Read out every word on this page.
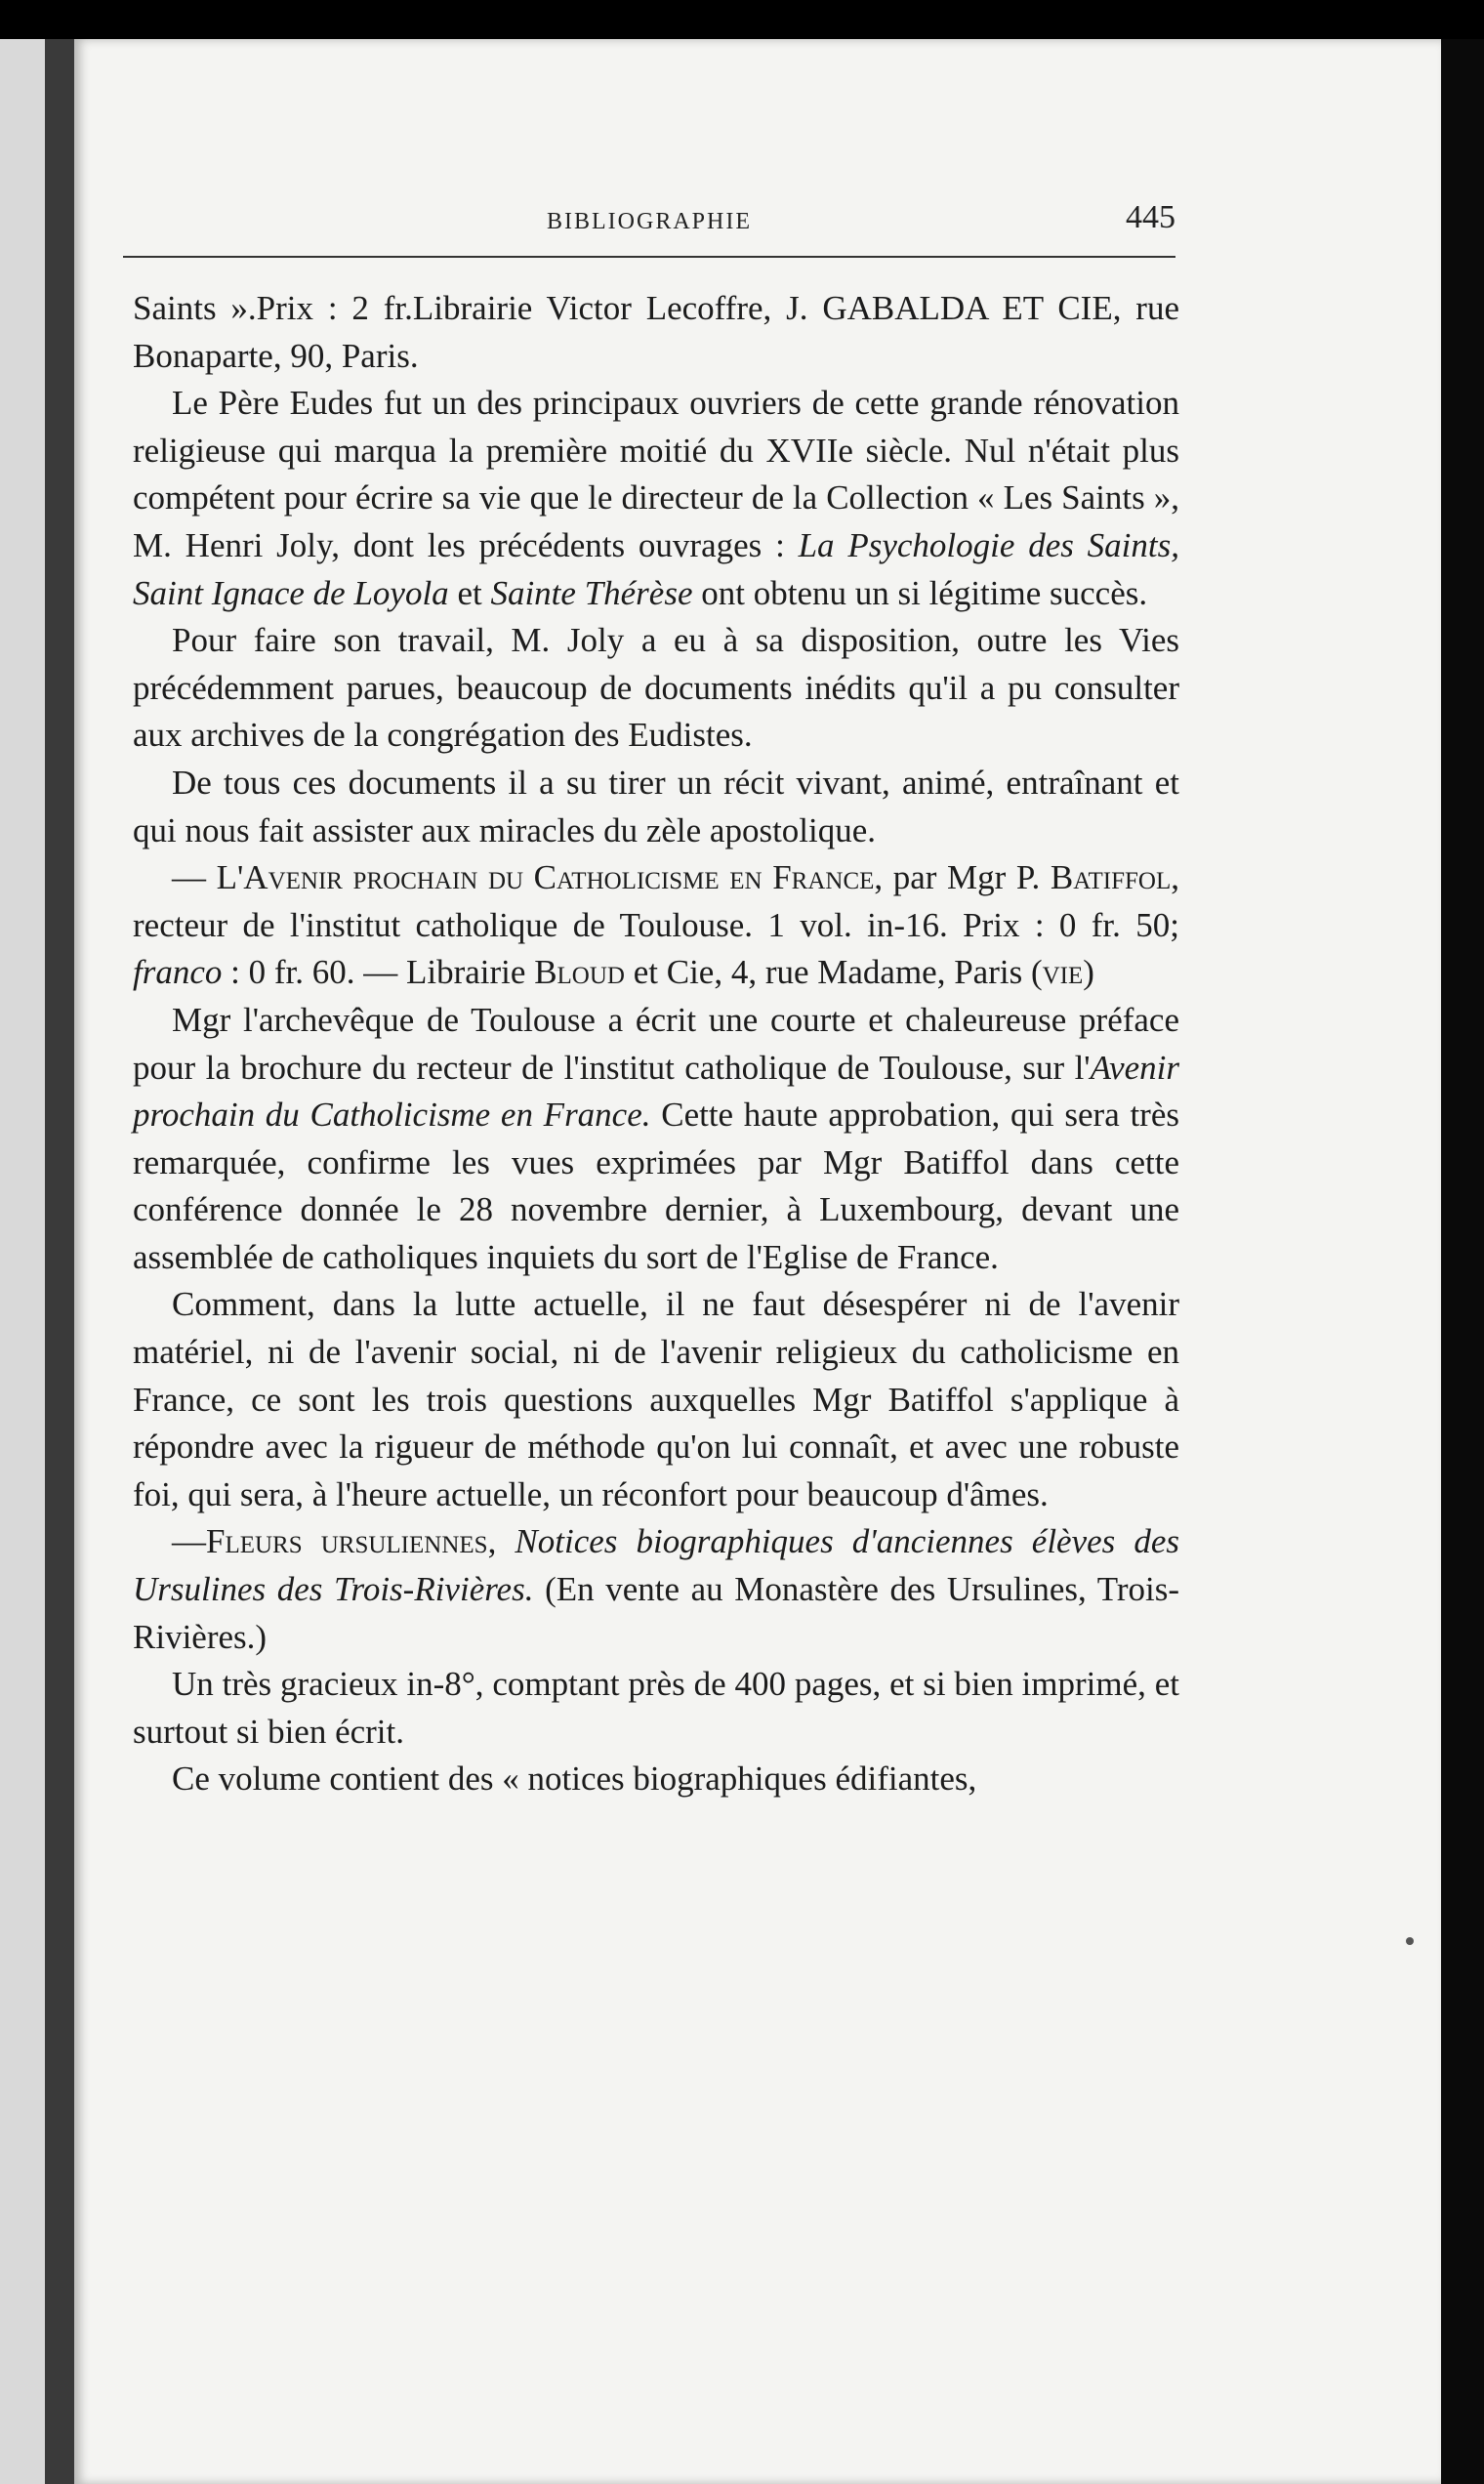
BIBLIOGRAPHIE	445

Saints ».Prix : 2 fr.Librairie Victor Lecoffre, J. GABALDA ET CIE, rue Bonaparte, 90, Paris.

Le Père Eudes fut un des principaux ouvriers de cette grande rénovation religieuse qui marqua la première moitié du XVIIe siècle. Nul n'était plus compétent pour écrire sa vie que le directeur de la Collection « Les Saints », M. Henri Joly, dont les précédents ouvrages : La Psychologie des Saints, Saint Ignace de Loyola et Sainte Thérèse ont obtenu un si légitime succès.

Pour faire son travail, M. Joly a eu à sa disposition, outre les Vies précédemment parues, beaucoup de documents inédits qu'il a pu consulter aux archives de la congrégation des Eudistes.

De tous ces documents il a su tirer un récit vivant, animé, entraînant et qui nous fait assister aux miracles du zèle apostolique.

— L'Avenir prochain du Catholicisme en France, par Mgr P. Batiffol, recteur de l'institut catholique de Toulouse. 1 vol. in-16. Prix : 0 fr. 50; franco : 0 fr. 60. — Librairie Bloud et Cie, 4, rue Madame, Paris (vie)

Mgr l'archevêque de Toulouse a écrit une courte et chaleureuse préface pour la brochure du recteur de l'institut catholique de Toulouse, sur l'Avenir prochain du Catholicisme en France. Cette haute approbation, qui sera très remarquée, confirme les vues exprimées par Mgr Batiffol dans cette conférence donnée le 28 novembre dernier, à Luxembourg, devant une assemblée de catholiques inquiets du sort de l'Eglise de France.

Comment, dans la lutte actuelle, il ne faut désespérer ni de l'avenir matériel, ni de l'avenir social, ni de l'avenir religieux du catholicisme en France, ce sont les trois questions auxquelles Mgr Batiffol s'applique à répondre avec la rigueur de méthode qu'on lui connaît, et avec une robuste foi, qui sera, à l'heure actuelle, un réconfort pour beaucoup d'âmes.

—Fleurs ursuliennes, Notices biographiques d'anciennes élèves des Ursulines des Trois-Rivières. (En vente au Monastère des Ursulines, Trois-Rivières.)

Un très gracieux in-8°, comptant près de 400 pages, et si bien imprimé, et surtout si bien écrit.

Ce volume contient des « notices biographiques édifiantes,
